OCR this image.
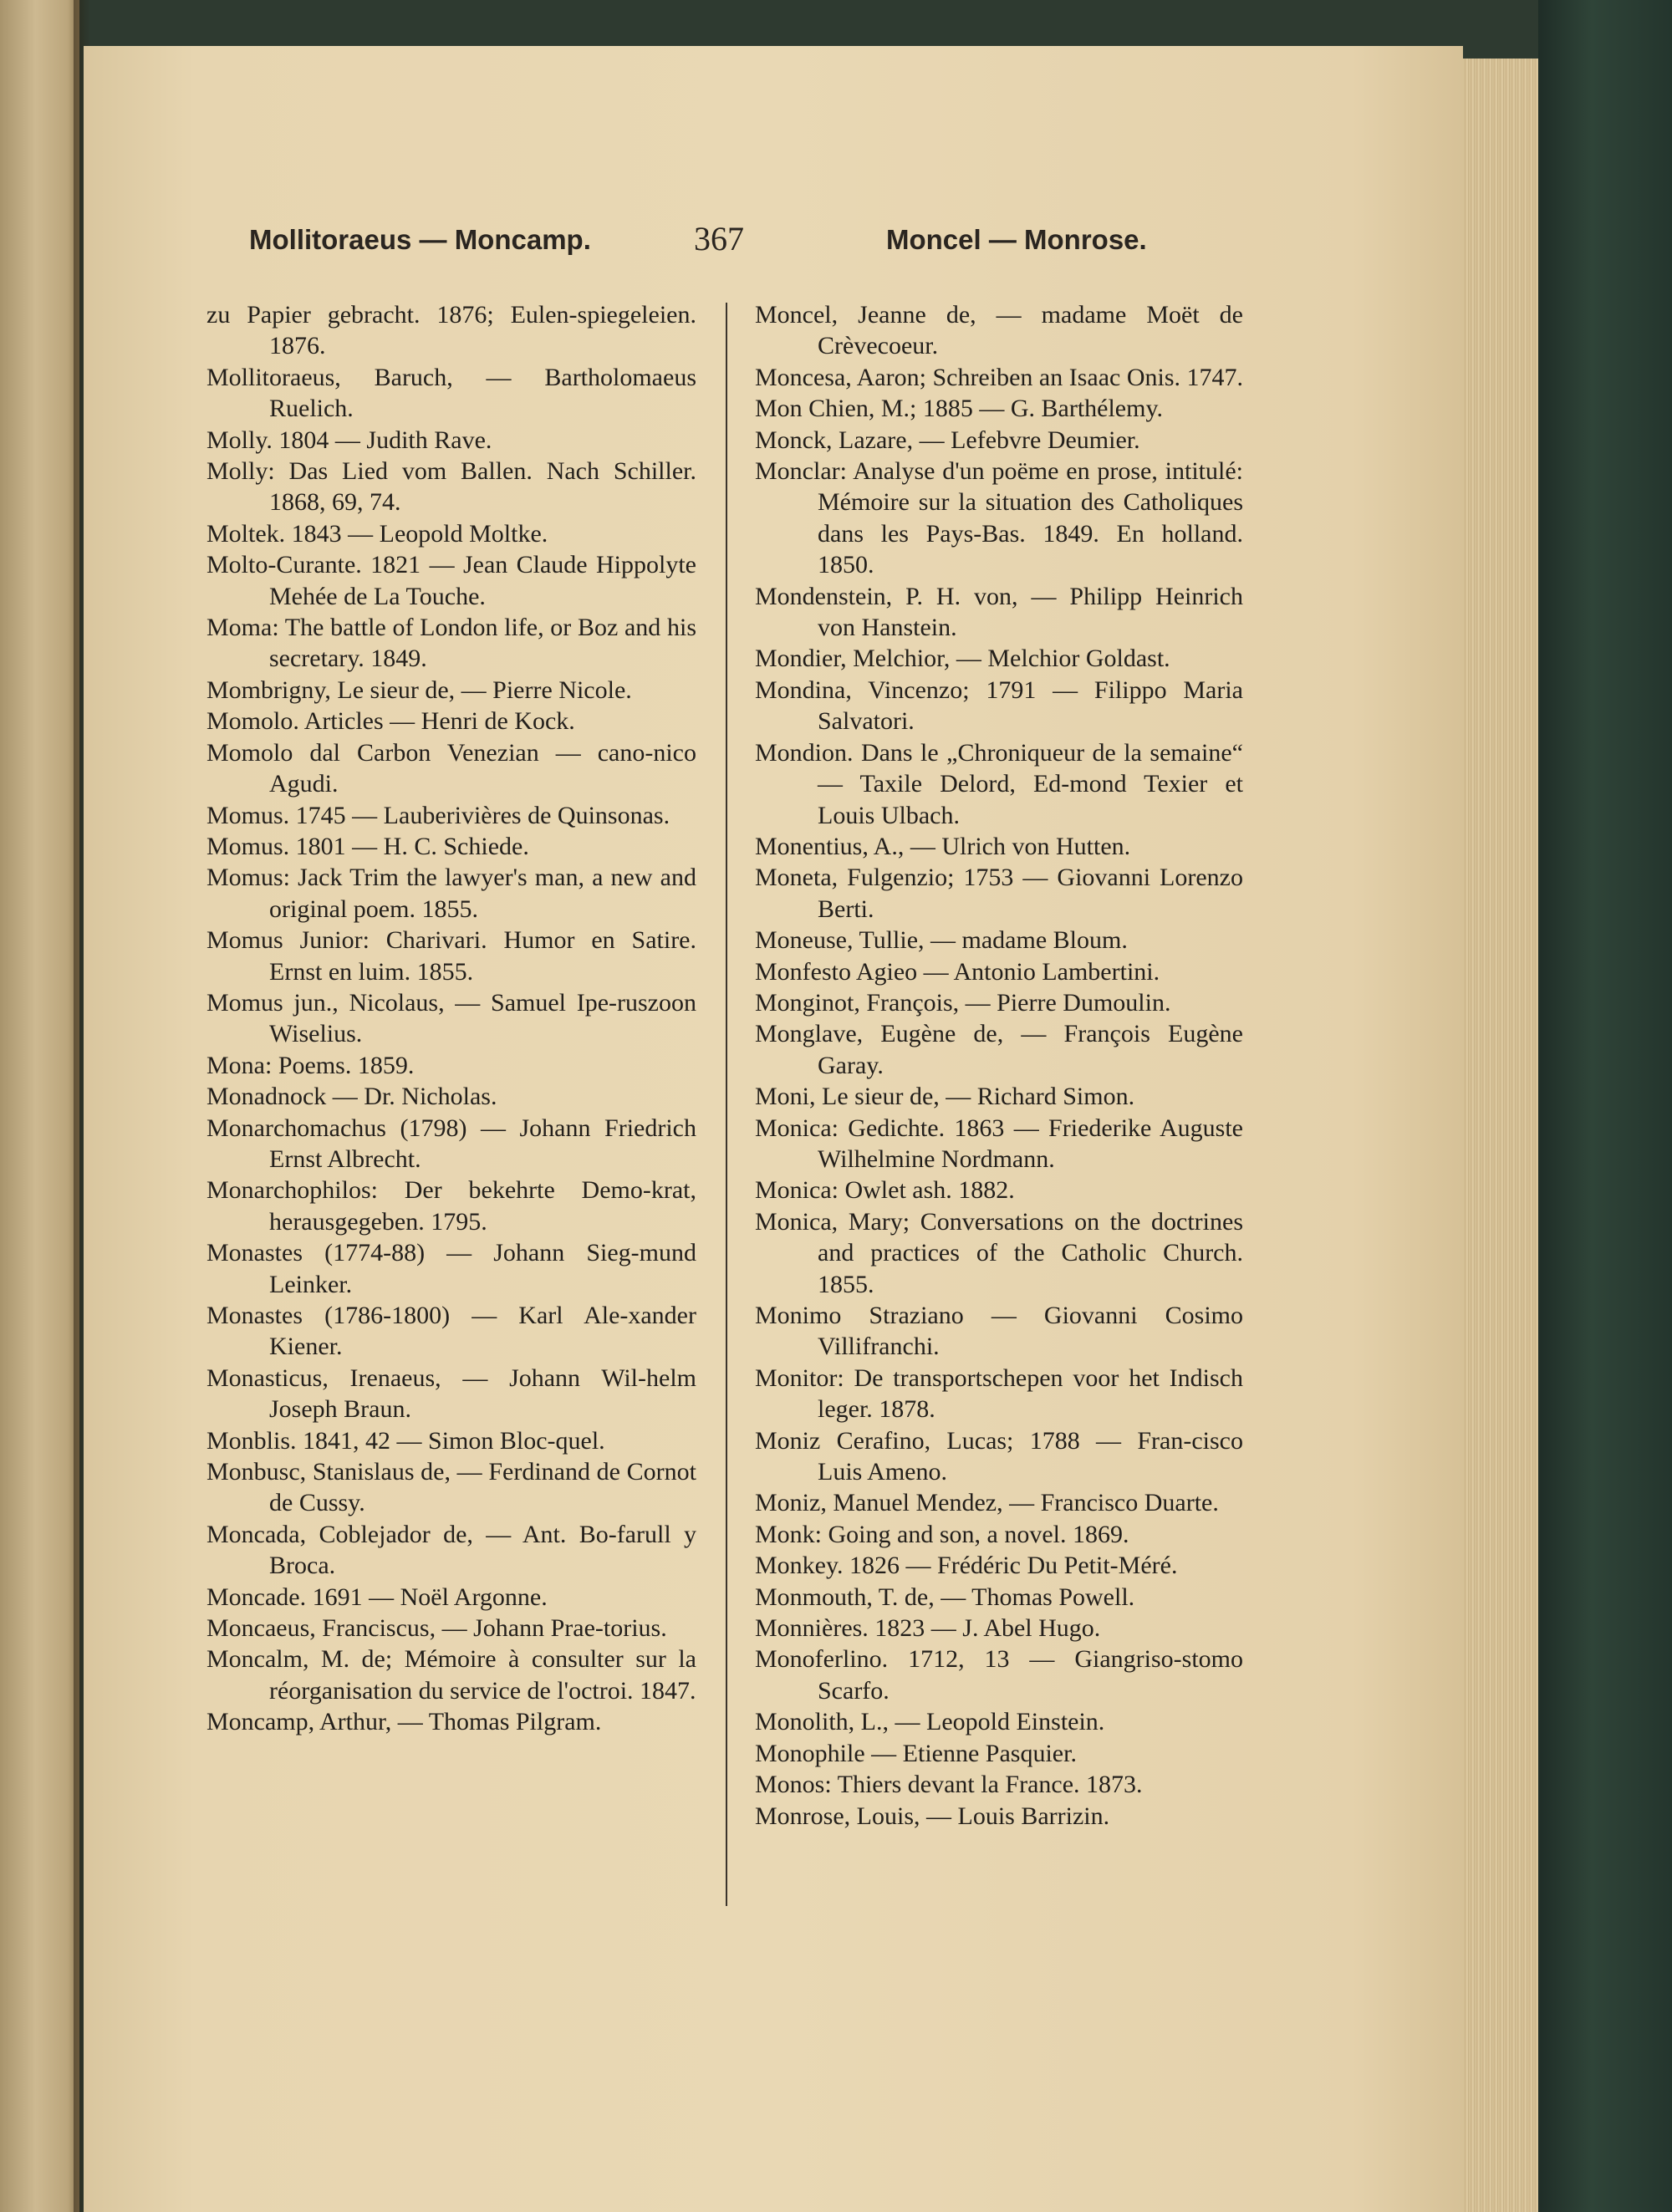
Mollitoraeus — Moncamp.	367	Moncel — Monrose.
zu Papier gebracht. 1876; Eulen-spiegeleien. 1876.
Mollitoraeus, Baruch, — Bartholomaeus Ruelich.
Molly. 1804 — Judith Rave.
Molly: Das Lied vom Ballen. Nach Schiller. 1868, 69, 74.
Moltek. 1843 — Leopold Moltke.
Molto-Curante. 1821 — Jean Claude Hippolyte Mehée de La Touche.
Moma: The battle of London life, or Boz and his secretary. 1849.
Mombrigny, Le sieur de, — Pierre Nicole.
Momolo. Articles — Henri de Kock.
Momolo dal Carbon Venezian — cano-nico Agudi.
Momus. 1745 — Lauberivières de Quinsonas.
Momus. 1801 — H. C. Schiede.
Momus: Jack Trim the lawyer's man, a new and original poem. 1855.
Momus Junior: Charivari. Humor en Satire. Ernst en luim. 1855.
Momus jun., Nicolaus, — Samuel Ipe-ruszoon Wiselius.
Mona: Poems. 1859.
Monadnock — Dr. Nicholas.
Monarchomachus (1798) — Johann Friedrich Ernst Albrecht.
Monarchophilos: Der bekehrte Demo-krat, herausgegeben. 1795.
Monastes (1774-88) — Johann Sieg-mund Leinker.
Monastes (1786-1800) — Karl Ale-xander Kiener.
Monasticus, Irenaeus, — Johann Wil-helm Joseph Braun.
Monblis. 1841, 42 — Simon Bloc-quel.
Monbusc, Stanislaus de, — Ferdinand de Cornot de Cussy.
Moncada, Coblejador de, — Ant. Bo-farull y Broca.
Moncade. 1691 — Noël Argonne.
Moncaeus, Franciscus, — Johann Prae-torius.
Moncalm, M. de; Mémoire à consulter sur la réorganisation du service de l'octroi. 1847.
Moncamp, Arthur, — Thomas Pilgram.
Moncel, Jeanne de, — madame Moët de Crèvecoeur.
Moncesa, Aaron; Schreiben an Isaac Onis. 1747.
Mon Chien, M.; 1885 — G. Barthélemy.
Monck, Lazare, — Lefebvre Deumier.
Monclar: Analyse d'un poëme en prose, intitulé: Mémoire sur la situation des Catholiques dans les Pays-Bas. 1849. En holland. 1850.
Mondenstein, P. H. von, — Philipp Heinrich von Hanstein.
Mondier, Melchior, — Melchior Goldast.
Mondina, Vincenzo; 1791 — Filippo Maria Salvatori.
Mondion. Dans le „Chroniqueur de la semaine“ — Taxile Delord, Ed-mond Texier et Louis Ulbach.
Monentius, A., — Ulrich von Hutten.
Moneta, Fulgenzio; 1753 — Giovanni Lorenzo Berti.
Moneuse, Tullie, — madame Bloum.
Monfesto Agieo — Antonio Lambertini.
Monginot, François, — Pierre Dumoulin.
Monglave, Eugène de, — François Eugène Garay.
Moni, Le sieur de, — Richard Simon.
Monica: Gedichte. 1863 — Friederike Auguste Wilhelmine Nordmann.
Monica: Owlet ash. 1882.
Monica, Mary; Conversations on the doctrines and practices of the Catholic Church. 1855.
Monimo Straziano — Giovanni Cosimo Villifranchi.
Monitor: De transportschepen voor het Indisch leger. 1878.
Moniz Cerafino, Lucas; 1788 — Fran-cisco Luis Ameno.
Moniz, Manuel Mendez, — Francisco Duarte.
Monk: Going and son, a novel. 1869.
Monkey. 1826 — Frédéric Du Petit-Méré.
Monmouth, T. de, — Thomas Powell.
Monnières. 1823 — J. Abel Hugo.
Monoferlino. 1712, 13 — Giangriso-stomo Scarfo.
Monolith, L., — Leopold Einstein.
Monophile — Etienne Pasquier.
Monos: Thiers devant la France. 1873.
Monrose, Louis, — Louis Barrizin.
